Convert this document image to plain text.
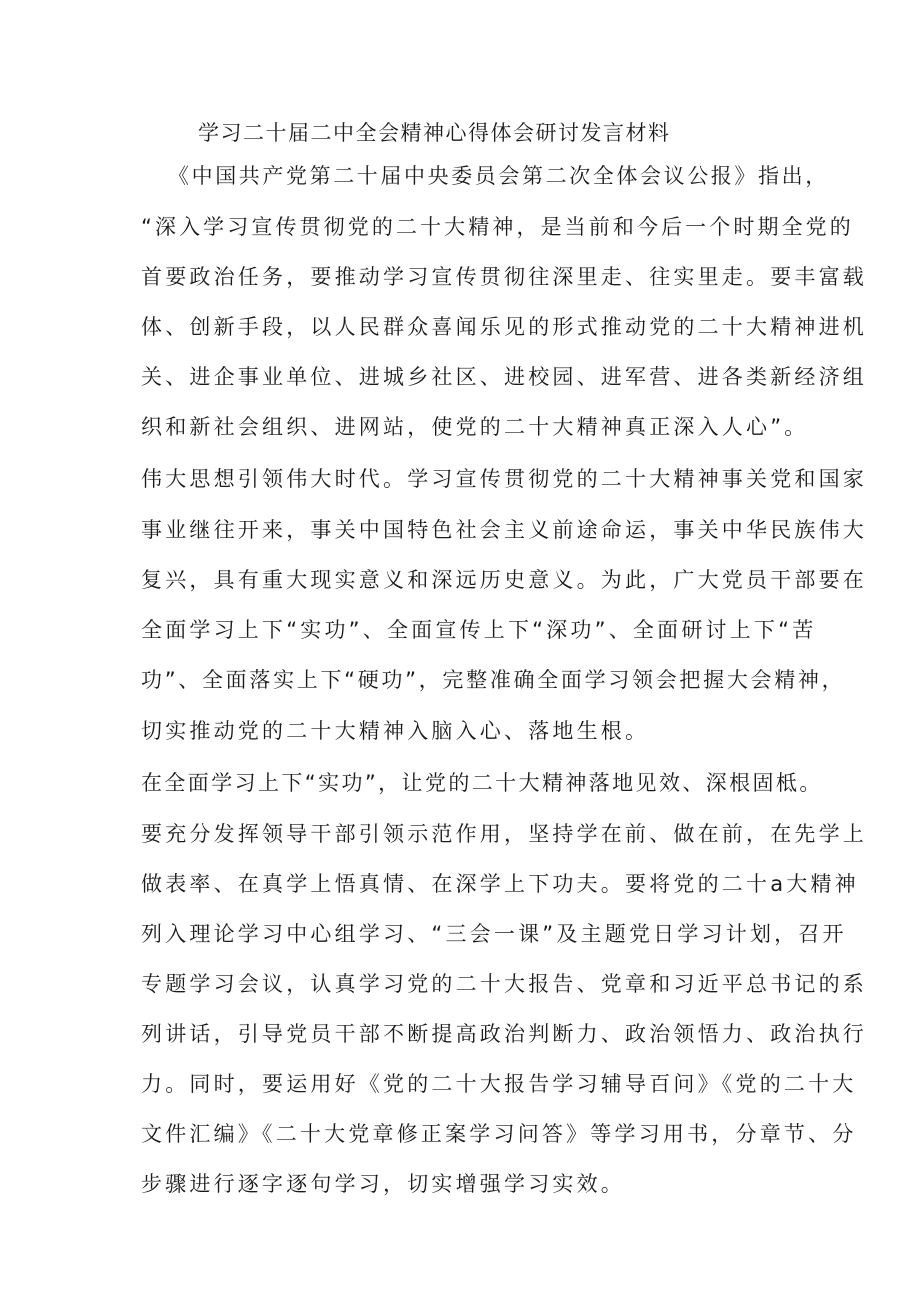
学习二十届二中全会精神心得体会研讨发言材料
《中国共产党第二十届中央委员会第二次全体会议公报》指出，
“深入学习宣传贯彻党的二十大精神，是当前和今后一个时期全党的
首要政治任务，要推动学习宣传贯彻往深里走、往实里走。要丰富载
体、创新手段，以人民群众喜闻乐见的形式推动党的二十大精神进机
关、进企事业单位、进城乡社区、进校园、进军营、进各类新经济组
织和新社会组织、进网站，使党的二十大精神真正深入人心”。
伟大思想引领伟大时代。学习宣传贯彻党的二十大精神事关党和国家
事业继往开来，事关中国特色社会主义前途命运，事关中华民族伟大
复兴，具有重大现实意义和深远历史意义。为此，广大党员干部要在
全面学习上下“实功”、全面宣传上下“深功”、全面研讨上下“苦
功”、全面落实上下“硬功”，完整准确全面学习领会把握大会精神，
切实推动党的二十大精神入脑入心、落地生根。
在全面学习上下“实功”，让党的二十大精神落地见效、深根固柢。
要充分发挥领导干部引领示范作用，坚持学在前、做在前，在先学上
做表率、在真学上悟真情、在深学上下功夫。要将党的二十a大精神
列入理论学习中心组学习、“三会一课”及主题党日学习计划，召开
专题学习会议，认真学习党的二十大报告、党章和习近平总书记的系
列讲话，引导党员干部不断提高政治判断力、政治领悟力、政治执行
力。同时，要运用好《党的二十大报告学习辅导百问》《党的二十大
文件汇编》《二十大党章修正案学习问答》等学习用书，分章节、分
步骤进行逐字逐句学习，切实增强学习实效。
